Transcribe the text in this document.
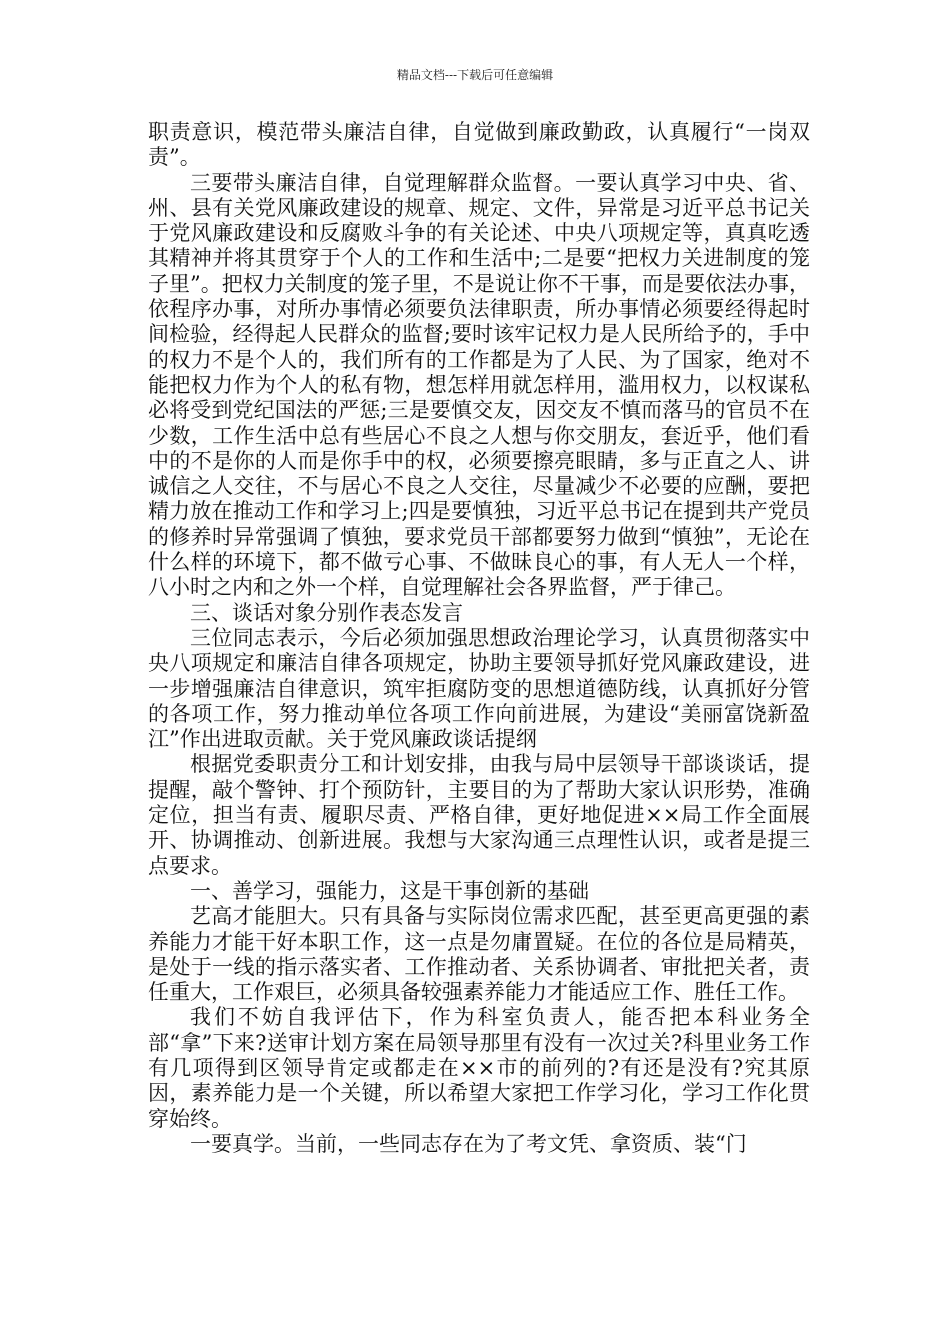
精品文档---下载后可任意编辑

职责意识，模范带头廉洁自律，自觉做到廉政勤政，认真履行“一岗双责”。

三要带头廉洁自律，自觉理解群众监督。一要认真学习中央、省、州、县有关党风廉政建设的规章、规定、文件，异常是习近平总书记关于党风廉政建设和反腐败斗争的有关论述、中央八项规定等，真真吃透其精神并将其贯穿于个人的工作和生活中;二是要“把权力关进制度的笼子里”。把权力关制度的笼子里，不是说让你不干事，而是要依法办事，依程序办事，对所办事情必须要负法律职责，所办事情必须要经得起时间检验，经得起人民群众的监督;要时该牢记权力是人民所给予的，手中的权力不是个人的，我们所有的工作都是为了人民、为了国家，绝对不能把权力作为个人的私有物，想怎样用就怎样用，滥用权力，以权谋私必将受到党纪国法的严惩;三是要慎交友，因交友不慎而落马的官员不在少数，工作生活中总有些居心不良之人想与你交朋友，套近乎，他们看中的不是你的人而是你手中的权，必须要擦亮眼睛，多与正直之人、讲诚信之人交往，不与居心不良之人交往，尽量减少不必要的应酬，要把精力放在推动工作和学习上;四是要慎独，习近平总书记在提到共产党员的修养时异常强调了慎独，要求党员干部都要努力做到“慎独”，无论在什么样的环境下，都不做亏心事、不做昧良心的事，有人无人一个样，八小时之内和之外一个样，自觉理解社会各界监督，严于律己。

三、谈话对象分别作表态发言

三位同志表示，今后必须加强思想政治理论学习，认真贯彻落实中央八项规定和廉洁自律各项规定，协助主要领导抓好党风廉政建设，进一步增强廉洁自律意识，筑牢拒腐防变的思想道德防线，认真抓好分管的各项工作，努力推动单位各项工作向前进展，为建设“美丽富饶新盈江”作出进取贡献。关于党风廉政谈话提纲

根据党委职责分工和计划安排，由我与局中层领导干部谈谈话，提提醒，敲个警钟、打个预防针，主要目的为了帮助大家认识形势，准确定位，担当有责、履职尽责、严格自律，更好地促进××局工作全面展开、协调推动、创新进展。我想与大家沟通三点理性认识，或者是提三点要求。

一、善学习，强能力，这是干事创新的基础

艺高才能胆大。只有具备与实际岗位需求匹配，甚至更高更强的素养能力才能干好本职工作，这一点是勿庸置疑。在位的各位是局精英，是处于一线的指示落实者、工作推动者、关系协调者、审批把关者，责任重大，工作艰巨，必须具备较强素养能力才能适应工作、胜任工作。

我们不妨自我评估下，作为科室负责人，能否把本科业务全部“拿”下来?送审计划方案在局领导那里有没有一次过关?科里业务工作有几项得到区领导肯定或都走在××市的前列的?有还是没有?究其原因，素养能力是一个关键，所以希望大家把工作学习化，学习工作化贯穿始终。

一要真学。当前，一些同志存在为了考文凭、拿资质、装“门
